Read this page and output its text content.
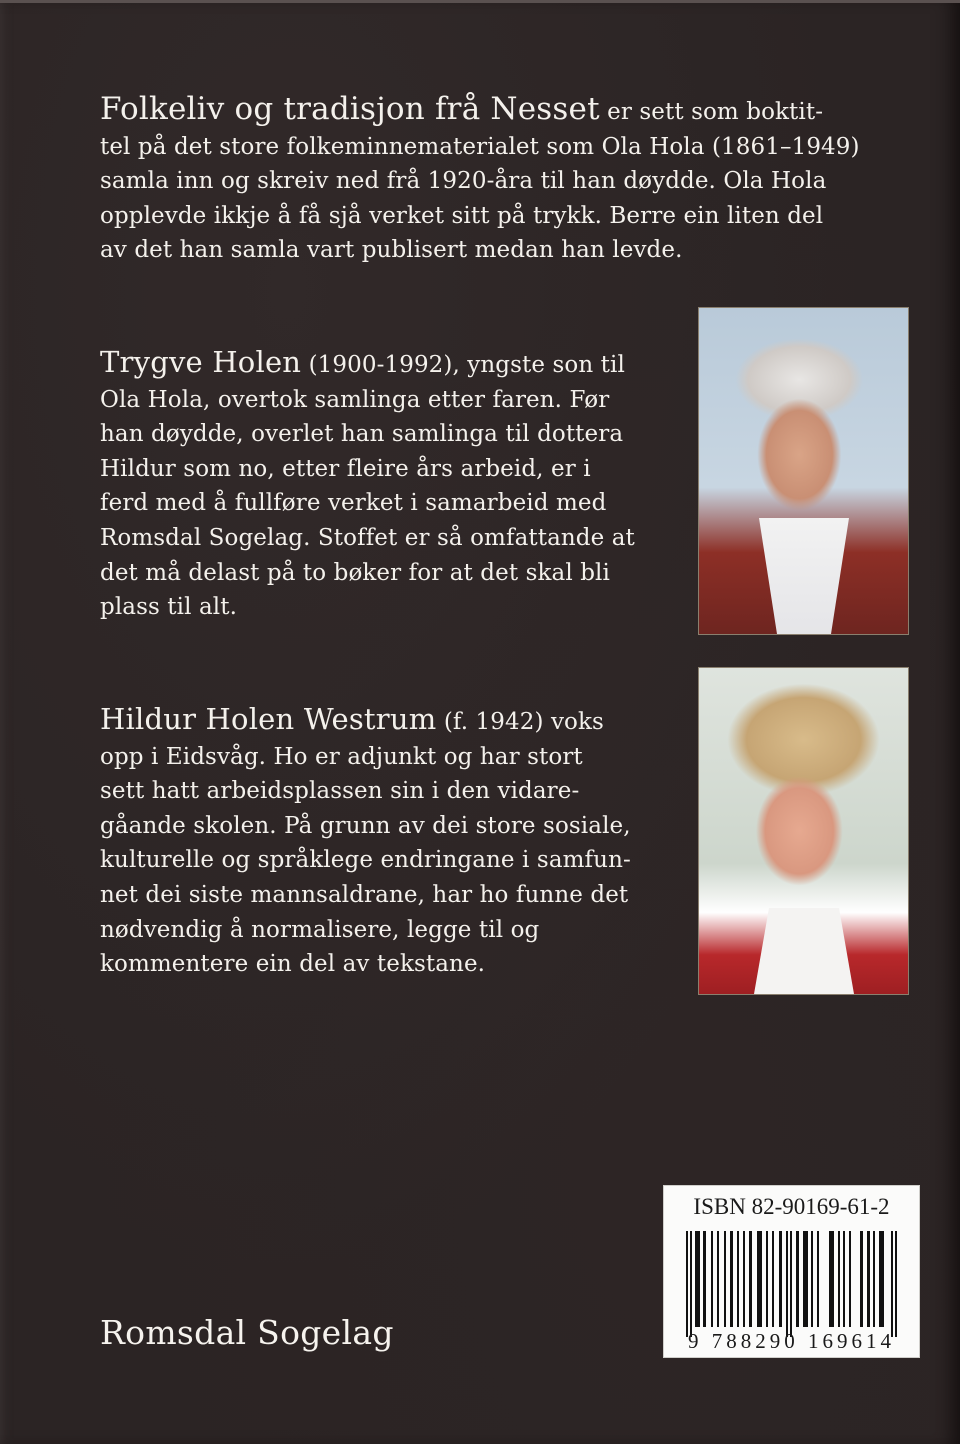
Folkeliv og tradisjon frå Nesset er sett som boktit-
tel på det store folkeminnematerialet som Ola Hola (1861–1949)
samla inn og skreiv ned frå 1920-åra til han døydde. Ola Hola
opplevde ikkje å få sjå verket sitt på trykk. Berre ein liten del
av det han samla vart publisert medan han levde.
Trygve Holen (1900-1992), yngste son til
Ola Hola, overtok samlinga etter faren. Før
han døydde, overlet han samlinga til dottera
Hildur som no, etter fleire års arbeid, er i
ferd med å fullføre verket i samarbeid med
Romsdal Sogelag. Stoffet er så omfattande at
det må delast på to bøker for at det skal bli
plass til alt.
Hildur Holen Westrum (f. 1942) voks
opp i Eidsvåg. Ho er adjunkt og har stort
sett hatt arbeidsplassen sin i den vidare-
gåande skolen. På grunn av dei store sosiale,
kulturelle og språklege endringane i samfun-
net dei siste mannsaldrane, har ho funne det
nødvendig å normalisere, legge til og
kommentere ein del av tekstane.
ISBN 82-90169-61-2
9 788290 169614
Romsdal Sogelag
